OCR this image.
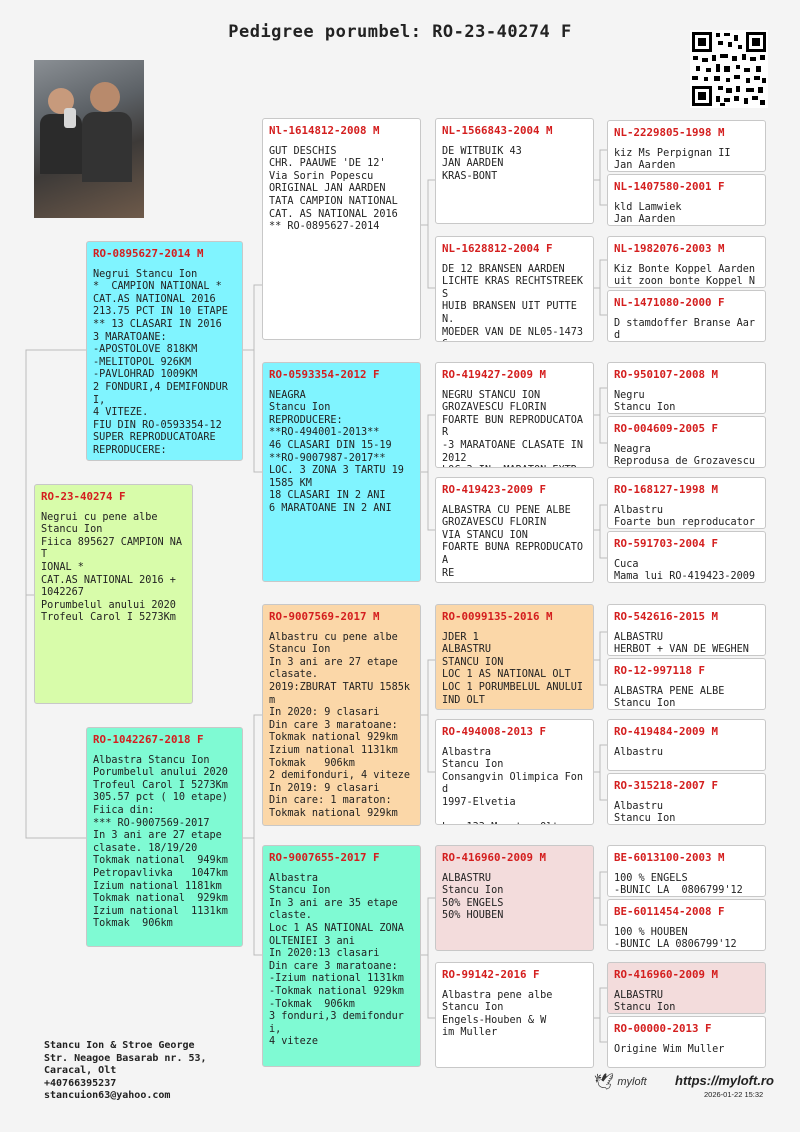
Pedigree porumbel: RO-23-40274 F
RO-23-40274 F
Negrui cu pene albe
Stancu Ion
Fiica 895627 CAMPION NAT
IONAL *
CAT.AS NATIONAL 2016 +
1042267
Porumbelul anului 2020
Trofeul Carol I 5273Km
RO-0895627-2014 M
Negrui Stancu Ion
*  CAMPION NATIONAL *
CAT.AS NATIONAL 2016
213.75 PCT IN 10 ETAPE
** 13 CLASARI IN 2016
3 MARATOANE:
-APOSTOLOVE 818KM
-MELITOPOL 926KM
-PAVLOHRAD 1009KM
2 FONDURI,4 DEMIFONDURI,
4 VITEZE.
FIU DIN RO-0593354-12
SUPER REPRODUCATOARE
REPRODUCERE:
RO-1042267-2018 F
Albastra Stancu Ion
Porumbelul anului 2020
Trofeul Carol I 5273Km
305.57 pct ( 10 etape)
Fiica din:
*** RO-9007569-2017
In 3 ani are 27 etape
clasate. 18/19/20
Tokmak national  949km
Petropavlivka   1047km
Izium national 1181km
Tokmak national  929km
Izium national  1131km
Tokmak  906km
Nl-1614812-2008 M
GUT DESCHIS
CHR. PAAUWE 'DE 12'
Via Sorin Popescu
ORIGINAL JAN AARDEN
TATA CAMPION NATIONAL
CAT. AS NATIONAL 2016
** RO-0895627-2014
RO-0593354-2012 F
NEAGRA
Stancu Ion
REPRODUCERE:
**RO-494001-2013**
46 CLASARI DIN 15-19
**RO-9007987-2017**
LOC. 3 ZONA 3 TARTU 19
1585 KM
18 CLASARI IN 2 ANI
6 MARATOANE IN 2 ANI
RO-9007569-2017 M
Albastru cu pene albe
Stancu Ion
In 3 ani are 27 etape
clasate.
2019:ZBURAT TARTU 1585km
In 2020: 9 clasari
Din care 3 maratoane:
Tokmak national 929km
Izium national 1131km
Tokmak   906km
2 demifonduri, 4 viteze
In 2019: 9 clasari
Din care: 1 maraton:
Tokmak national 929km
RO-9007655-2017 F
Albastra
Stancu Ion
In 3 ani are 35 etape
claste.
Loc 1 AS NATIONAL ZONA
OLTENIEI 3 ani
In 2020:13 clasari
Din care 3 maratoane:
-Izium national 1131km
-Tokmak national 929km
-Tokmak  906km
3 fonduri,3 demifonduri,
4 viteze
NL-1566843-2004 M
DE WITBUIK 43
JAN AARDEN
KRAS-BONT
NL-1628812-2004 F
DE 12 BRANSEN AARDEN
LICHTE KRAS RECHTSTREEKS
HUIB BRANSEN UIT PUTTEN.
MOEDER VAN DE NL05-1473

RO-419427-2009 M
NEGRU STANCU ION
GROZAVESCU FLORIN
FOARTE BUN REPRODUCATOAR
-3 MARATOANE CLASATE IN
2012

RO-419423-2009 F
ALBASTRA CU PENE ALBE
GROZAVESCU FLORIN
VIA STANCU ION
FOARTE BUNA REPRODUCATOA
RE
RO-0099135-2016 M
JDER 1
ALBASTRU
STANCU ION
LOC 1 AS NATIONAL OLT
LOC 1 PORUMBELUL ANULUI
IND OLT
RO-494008-2013 F
Albastra
Stancu Ion
Consangvin Olimpica Fond
1997-Elvetia

RO-416960-2009 M
ALBASTRU
Stancu Ion
50% ENGELS
50% HOUBEN
RO-99142-2016 F
Albastra pene albe
Stancu Ion
Engels-Houben & W
im Muller
NL-2229805-1998 M
kiz Ms Perpignan II
Jan Aarden
NL-1407580-2001 F
kld Lamwiek
Jan Aarden
NL-1982076-2003 M
Kiz Bonte Koppel Aarden
uit zoon bonte Koppel N
NL-1471080-2000 F
D stamdoffer Branse Aard

RO-950107-2008 M
Negru
Stancu Ion
RO-004609-2005 F
Neagra
Reprodusa de Grozavescu
RO-168127-1998 M
Albastru
Foarte bun reproducator
RO-591703-2004 F
Cuca
Mama lui RO-419423-2009
RO-542616-2015 M
ALBASTRU
HERBOT + VAN DE WEGHEN
RO-12-997118 F
ALBASTRA PENE ALBE
Stancu Ion
RO-419484-2009 M
Albastru
RO-315218-2007 F
Albastru
Stancu Ion
BE-6013100-2003 M
100 % ENGELS
-BUNIC LA  0806799'12
BE-6011454-2008 F
100 % HOUBEN
-BUNIC LA 0806799'12
RO-416960-2009 M
ALBASTRU
Stancu Ion
RO-00000-2013 F
Origine Wim Muller
Stancu Ion & Stroe George
Str. Neagoe Basarab nr. 53,
Caracal, Olt
+40766395237
stancuion63@yahoo.com
🕊 myloft https://myloft.ro
2026-01-22 15:32
